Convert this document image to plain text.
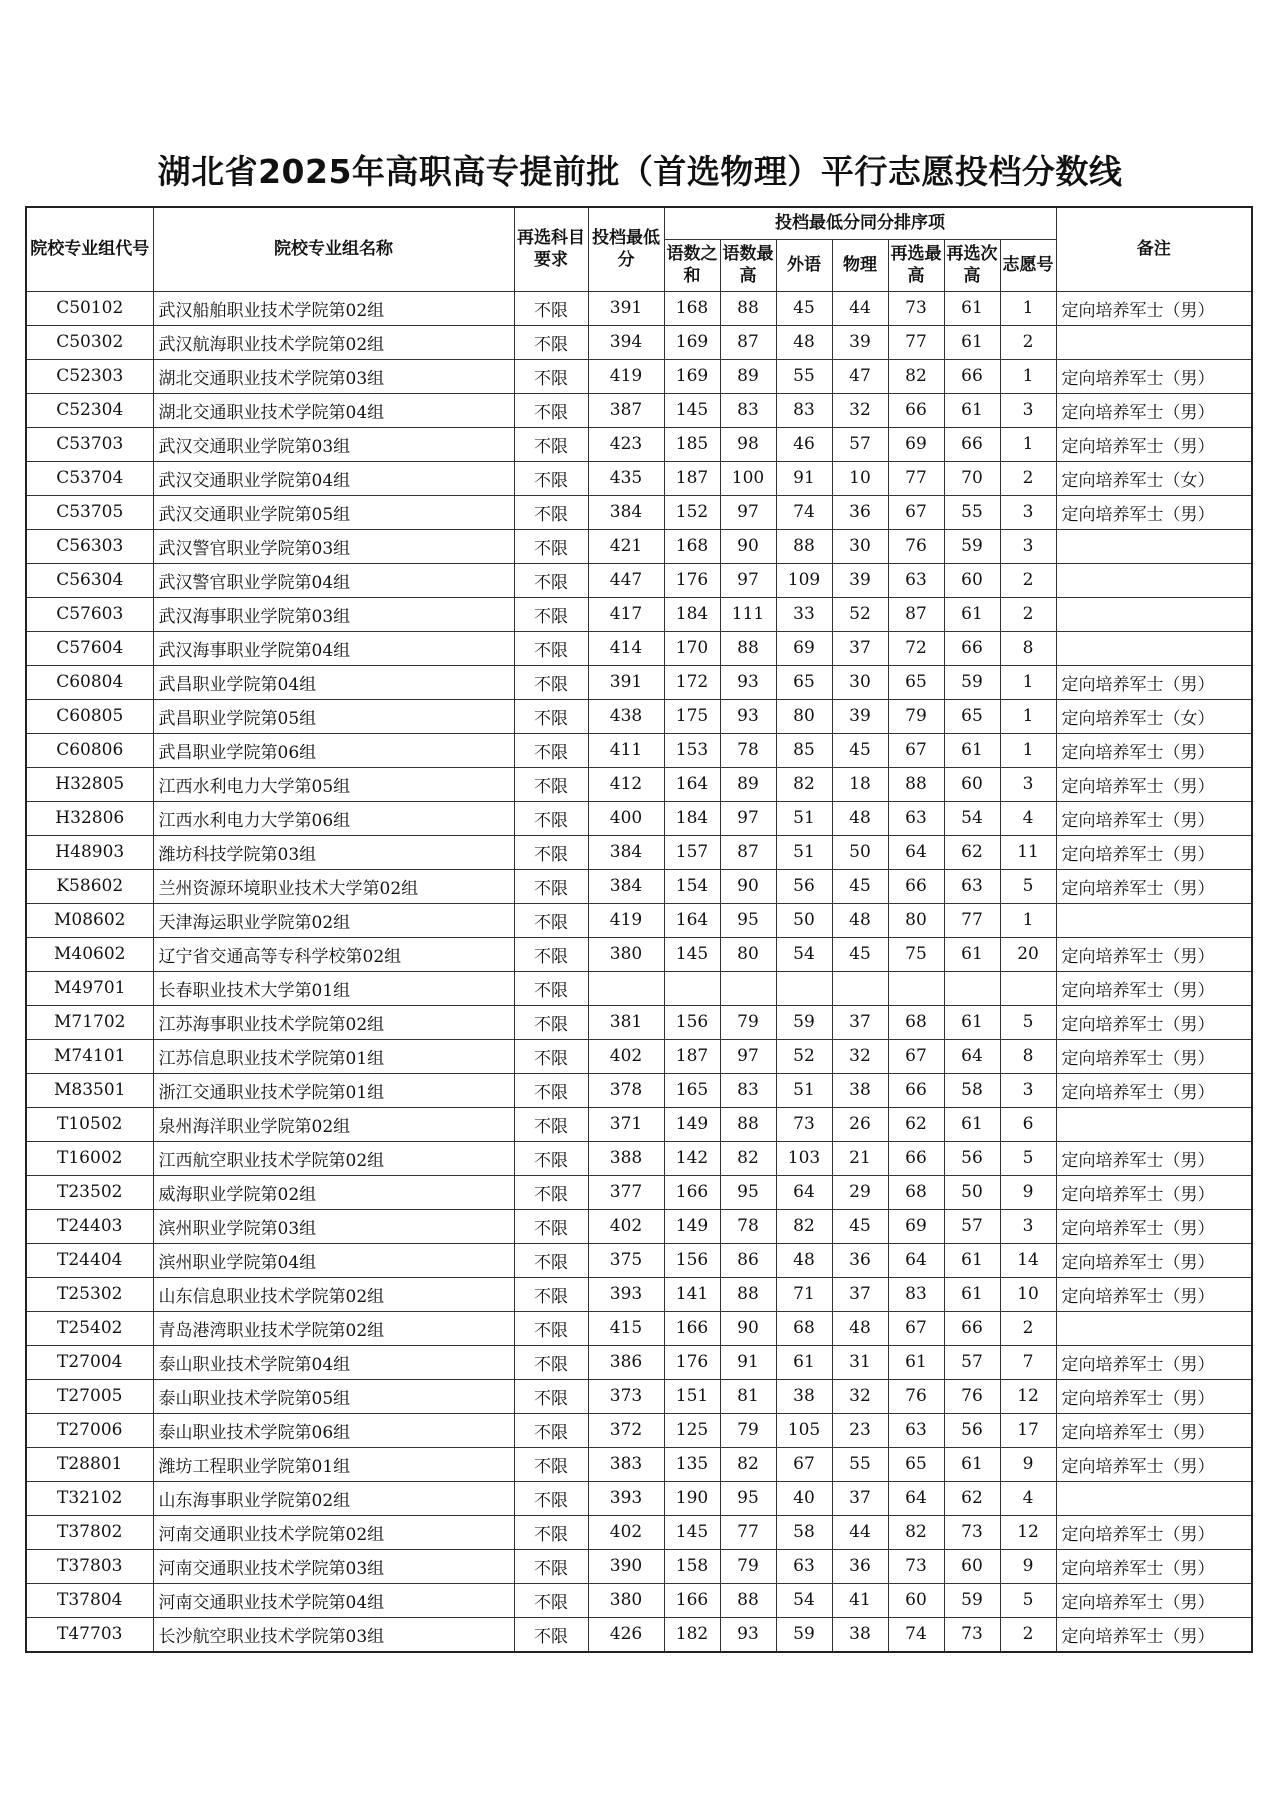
湖北省2025年高职高专提前批（首选物理）平行志愿投档分数线
院校专业组代号	院校专业组名称	再选科目要求	投档最低分	投档最低分同分排序项							备注
				语数之和	语数最高	外语	物理	再选最高	再选次高	志愿号	
C50102	武汉船舶职业技术学院第02组	不限	391	168	88	45	44	73	61	1	定向培养军士（男）
C50302	武汉航海职业技术学院第02组	不限	394	169	87	48	39	77	61	2	
C52303	湖北交通职业技术学院第03组	不限	419	169	89	55	47	82	66	1	定向培养军士（男）
C52304	湖北交通职业技术学院第04组	不限	387	145	83	83	32	66	61	3	定向培养军士（男）
C53703	武汉交通职业学院第03组	不限	423	185	98	46	57	69	66	1	定向培养军士（男）
C53704	武汉交通职业学院第04组	不限	435	187	100	91	10	77	70	2	定向培养军士（女）
C53705	武汉交通职业学院第05组	不限	384	152	97	74	36	67	55	3	定向培养军士（男）
C56303	武汉警官职业学院第03组	不限	421	168	90	88	30	76	59	3	
C56304	武汉警官职业学院第04组	不限	447	176	97	109	39	63	60	2	
C57603	武汉海事职业学院第03组	不限	417	184	111	33	52	87	61	2	
C57604	武汉海事职业学院第04组	不限	414	170	88	69	37	72	66	8	
C60804	武昌职业学院第04组	不限	391	172	93	65	30	65	59	1	定向培养军士（男）
C60805	武昌职业学院第05组	不限	438	175	93	80	39	79	65	1	定向培养军士（女）
C60806	武昌职业学院第06组	不限	411	153	78	85	45	67	61	1	定向培养军士（男）
H32805	江西水利电力大学第05组	不限	412	164	89	82	18	88	60	3	定向培养军士（男）
H32806	江西水利电力大学第06组	不限	400	184	97	51	48	63	54	4	定向培养军士（男）
H48903	潍坊科技学院第03组	不限	384	157	87	51	50	64	62	11	定向培养军士（男）
K58602	兰州资源环境职业技术大学第02组	不限	384	154	90	56	45	66	63	5	定向培养军士（男）
M08602	天津海运职业学院第02组	不限	419	164	95	50	48	80	77	1	
M40602	辽宁省交通高等专科学校第02组	不限	380	145	80	54	45	75	61	20	定向培养军士（男）
M49701	长春职业技术大学第01组	不限									定向培养军士（男）
M71702	江苏海事职业技术学院第02组	不限	381	156	79	59	37	68	61	5	定向培养军士（男）
M74101	江苏信息职业技术学院第01组	不限	402	187	97	52	32	67	64	8	定向培养军士（男）
M83501	浙江交通职业技术学院第01组	不限	378	165	83	51	38	66	58	3	定向培养军士（男）
T10502	泉州海洋职业学院第02组	不限	371	149	88	73	26	62	61	6	
T16002	江西航空职业技术学院第02组	不限	388	142	82	103	21	66	56	5	定向培养军士（男）
T23502	威海职业学院第02组	不限	377	166	95	64	29	68	50	9	定向培养军士（男）
T24403	滨州职业学院第03组	不限	402	149	78	82	45	69	57	3	定向培养军士（男）
T24404	滨州职业学院第04组	不限	375	156	86	48	36	64	61	14	定向培养军士（男）
T25302	山东信息职业技术学院第02组	不限	393	141	88	71	37	83	61	10	定向培养军士（男）
T25402	青岛港湾职业技术学院第02组	不限	415	166	90	68	48	67	66	2	
T27004	泰山职业技术学院第04组	不限	386	176	91	61	31	61	57	7	定向培养军士（男）
T27005	泰山职业技术学院第05组	不限	373	151	81	38	32	76	76	12	定向培养军士（男）
T27006	泰山职业技术学院第06组	不限	372	125	79	105	23	63	56	17	定向培养军士（男）
T28801	潍坊工程职业学院第01组	不限	383	135	82	67	55	65	61	9	定向培养军士（男）
T32102	山东海事职业学院第02组	不限	393	190	95	40	37	64	62	4	
T37802	河南交通职业技术学院第02组	不限	402	145	77	58	44	82	73	12	定向培养军士（男）
T37803	河南交通职业技术学院第03组	不限	390	158	79	63	36	73	60	9	定向培养军士（男）
T37804	河南交通职业技术学院第04组	不限	380	166	88	54	41	60	59	5	定向培养军士（男）
T47703	长沙航空职业技术学院第03组	不限	426	182	93	59	38	74	73	2	定向培养军士（男）
